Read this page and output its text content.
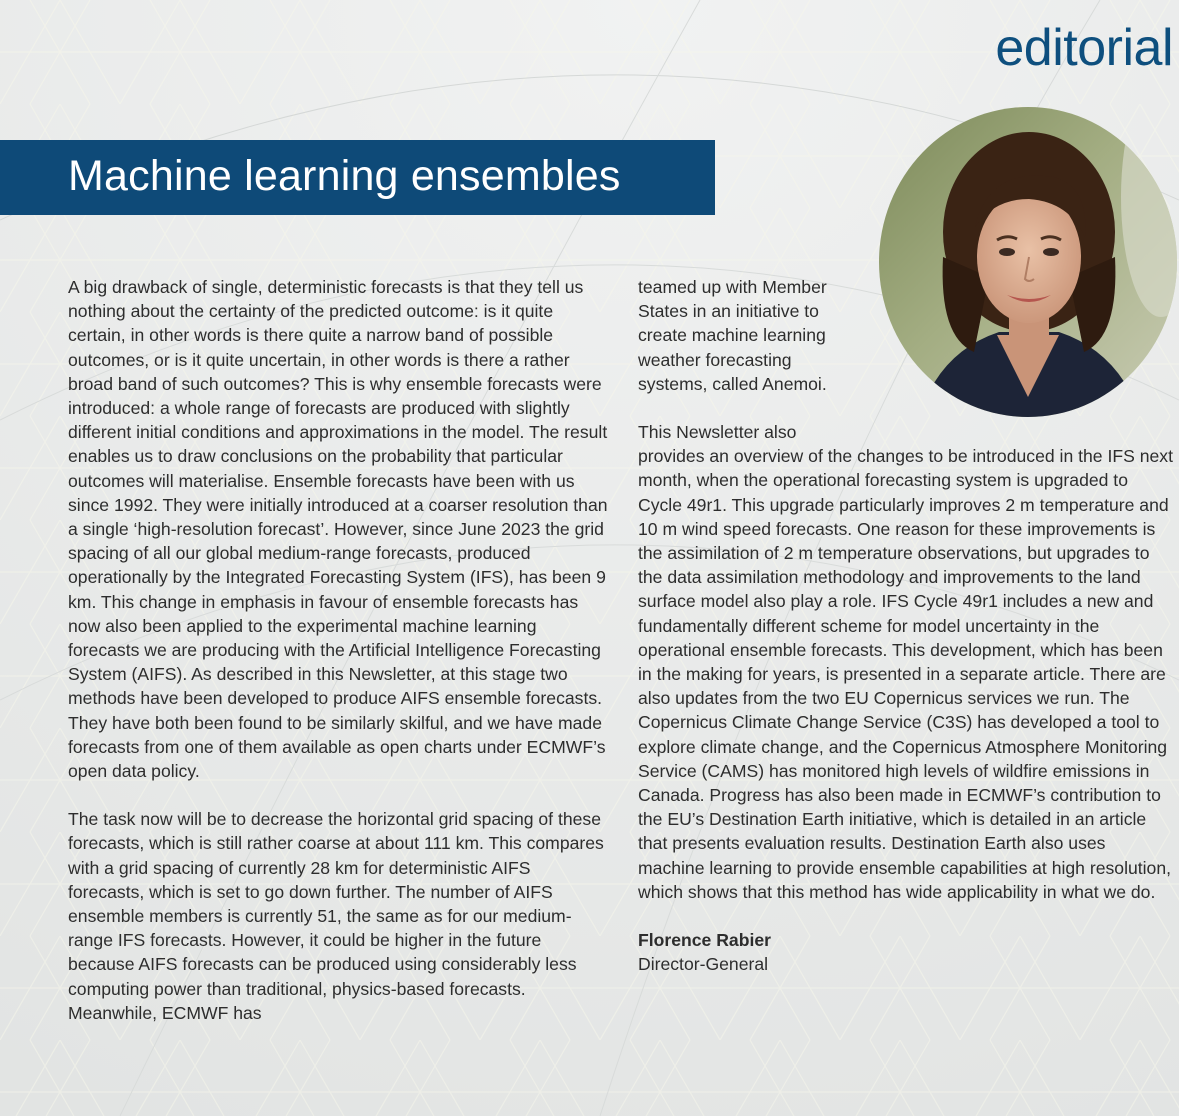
editorial
Machine learning ensembles

A big drawback of single, deterministic forecasts is that they tell us nothing about the certainty of the predicted outcome: is it quite certain, in other words is there quite a narrow band of possible outcomes, or is it quite uncertain, in other words is there a rather broad band of such outcomes? This is why ensemble forecasts were introduced: a whole range of forecasts are produced with slightly different initial conditions and approximations in the model. The result enables us to draw conclusions on the probability that particular outcomes will materialise. Ensemble forecasts have been with us since 1992. They were initially introduced at a coarser resolution than a single ‘high-resolution forecast’. However, since June 2023 the grid spacing of all our global medium-range forecasts, produced operationally by the Integrated Forecasting System (IFS), has been 9 km. This change in emphasis in favour of ensemble forecasts has now also been applied to the experimental machine learning forecasts we are producing with the Artificial Intelligence Forecasting System (AIFS). As described in this Newsletter, at this stage two methods have been developed to produce AIFS ensemble forecasts. They have both been found to be similarly skilful, and we have made forecasts from one of them available as open charts under ECMWF’s open data policy.

The task now will be to decrease the horizontal grid spacing of these forecasts, which is still rather coarse at about 111 km. This compares with a grid spacing of currently 28 km for deterministic AIFS forecasts, which is set to go down further. The number of AIFS ensemble members is currently 51, the same as for our medium-range IFS forecasts. However, it could be higher in the future because AIFS forecasts can be produced using considerably less computing power than traditional, physics-based forecasts. Meanwhile, ECMWF has

teamed up with Member States in an initiative to create machine learning weather forecasting systems, called Anemoi.

This Newsletter also

provides an overview of the changes to be introduced in the IFS next month, when the operational forecasting system is upgraded to Cycle 49r1. This upgrade particularly improves 2 m temperature and 10 m wind speed forecasts. One reason for these improvements is the assimilation of 2 m temperature observations, but upgrades to the data assimilation methodology and improvements to the land surface model also play a role. IFS Cycle 49r1 includes a new and fundamentally different scheme for model uncertainty in the operational ensemble forecasts. This development, which has been in the making for years, is presented in a separate article. There are also updates from the two EU Copernicus services we run. The Copernicus Climate Change Service (C3S) has developed a tool to explore climate change, and the Copernicus Atmosphere Monitoring Service (CAMS) has monitored high levels of wildfire emissions in Canada. Progress has also been made in ECMWF’s contribution to the EU’s Destination Earth initiative, which is detailed in an article that presents evaluation results. Destination Earth also uses machine learning to provide ensemble capabilities at high resolution, which shows that this method has wide applicability in what we do.

Florence Rabier

Director-General
